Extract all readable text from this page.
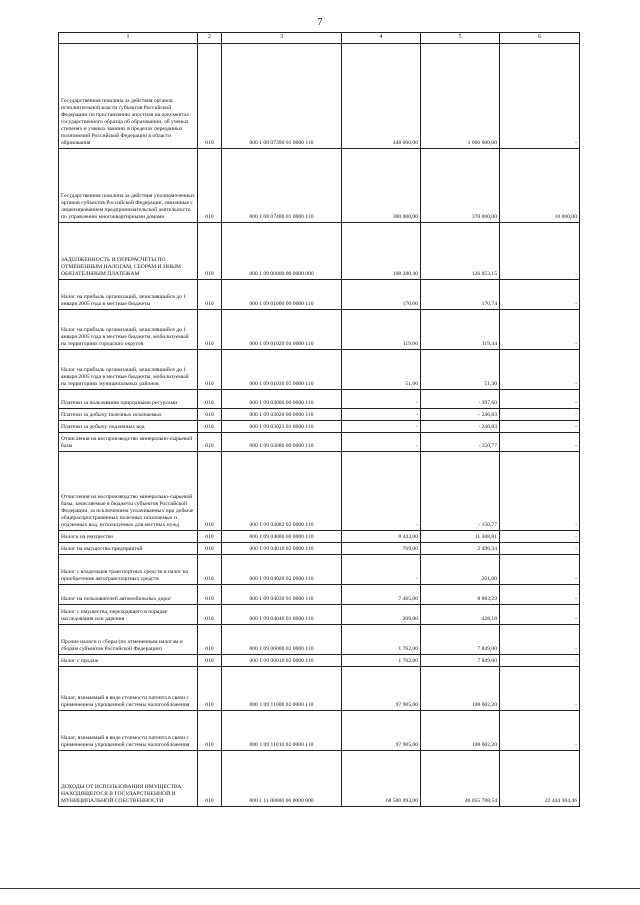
7
1	2	3	4	5	6
Государственная пошлина за действия органов исполнительной власти субъектов Российской Федерации по проставлению апостиля на документах государственного образца об образовании, об ученых степенях и ученых званиях в пределах переданных полномочий Российской Федерации в области образования	010	000 1 08 07390 01 0000 110	448 000,00	1 066 000,00	-
Государственная пошлина за действия уполномоченных органов субъектов Российской Федерации, связанные с лицензированием предпринимательской деятельности по управлению многоквартирными домами	010	000 1 08 07400 01 0000 110	380 000,00	370 000,00	10 000,00
ЗАДОЛЖЕННОСТЬ И ПЕРЕРАСЧЕТЫ ПО ОТМЕНЕННЫМ НАЛОГАМ, СБОРАМ И ИНЫМ ОБЯЗАТЕЛЬНЫМ ПЛАТЕЖАМ	010	000 1 09 00000 00 0000 000	108 280,40	126 853,15	-
Налог на прибыль организаций, зачислявшийся до 1 января 2005 года в местные бюджеты	010	000 1 09 01000 00 0000 110	170,00	170,74	-
Налог на прибыль организаций, зачислявшийся до 1 января 2005 года в местные бюджеты, мобилизуемый на территориях городских округов	010	000 1 09 01020 04 0000 110	119,00	119,44	-
Налог на прибыль организаций, зачислявшийся до 1 января 2005 года в местные бюджеты, мобилизуемый на территориях муниципальных районов	010	000 1 09 01030 05 0000 110	51,00	51,30	-
Платежи за пользование природными ресурсами	010	000 1 09 03000 00 0000 110	-	- 397,60	-
Платежи за добычу полезных ископаемых	010	000 1 09 03020 00 0000 110	-	- 246,83	-
Платежи за добычу подземных вод	010	000 1 09 03023 01 0000 110	-	- 246,83	-
Отчисления на воспроизводство минерально-сырьевой базы	010	000 1 09 03080 00 0000 110	-	- 150,77	-
Отчисления на воспроизводство минерально-сырьевой базы, зачисляемые в бюджеты субъектов Российской Федерации, за исключением уплачиваемых при добыче общераспространенных полезных ископаемых и подземных вод, используемых для местных нужд	010	000 1 09 03082 02 0000 110	-	- 150,77	-
Налоги на имущество	010	000 1 09 04000 00 0000 110	8 443,00	11 308,81	-
Налог на имущество предприятий	010	000 1 09 04010 02 0000 110	769,00	2 496,34	-
Налог с владельцев транспортных средств и налог на приобретение автотранспортных средств	010	000 1 09 04020 02 0000 110	-	201,00	-
Налог на пользователей автомобильных дорог	010	000 1 09 04030 01 0000 110	7 465,00	8 083,29	-
Налог с имущества, переходящего в порядке наследования или дарения	010	000 1 09 04040 01 0000 110	209,00	428,18	-
Прочие налоги и сборы (по отмененным налогам и сборам субъектов Российской Федерации)	010	000 1 09 06000 02 0000 110	1 762,00	7 849,00	-
Налог с продаж	010	000 1 09 06010 02 0000 110	1 762,00	7 849,00	-
Налог, взимаемый в виде стоимости патента в связи с применением упрощенной системы налогообложения	010	000 1 09 11000 02 0000 110	97 905,00	108 002,20	-
Налог, взимаемый в виде стоимости патента в связи с применением упрощенной системы налогообложения	010	000 1 09 11010 02 0000 110	97 905,00	108 002,20	-
ДОХОДЫ ОТ ИСПОЛЬЗОВАНИЯ ИМУЩЕСТВА, НАХОДЯЩЕГОСЯ В ГОСУДАРСТВЕННОЙ И МУНИЦИПАЛЬНОЙ СОБСТВЕННОСТИ	010	000 1 11 00000 00 0000 000	68 500 093,00	46 055 788,54	22 444 304,46
